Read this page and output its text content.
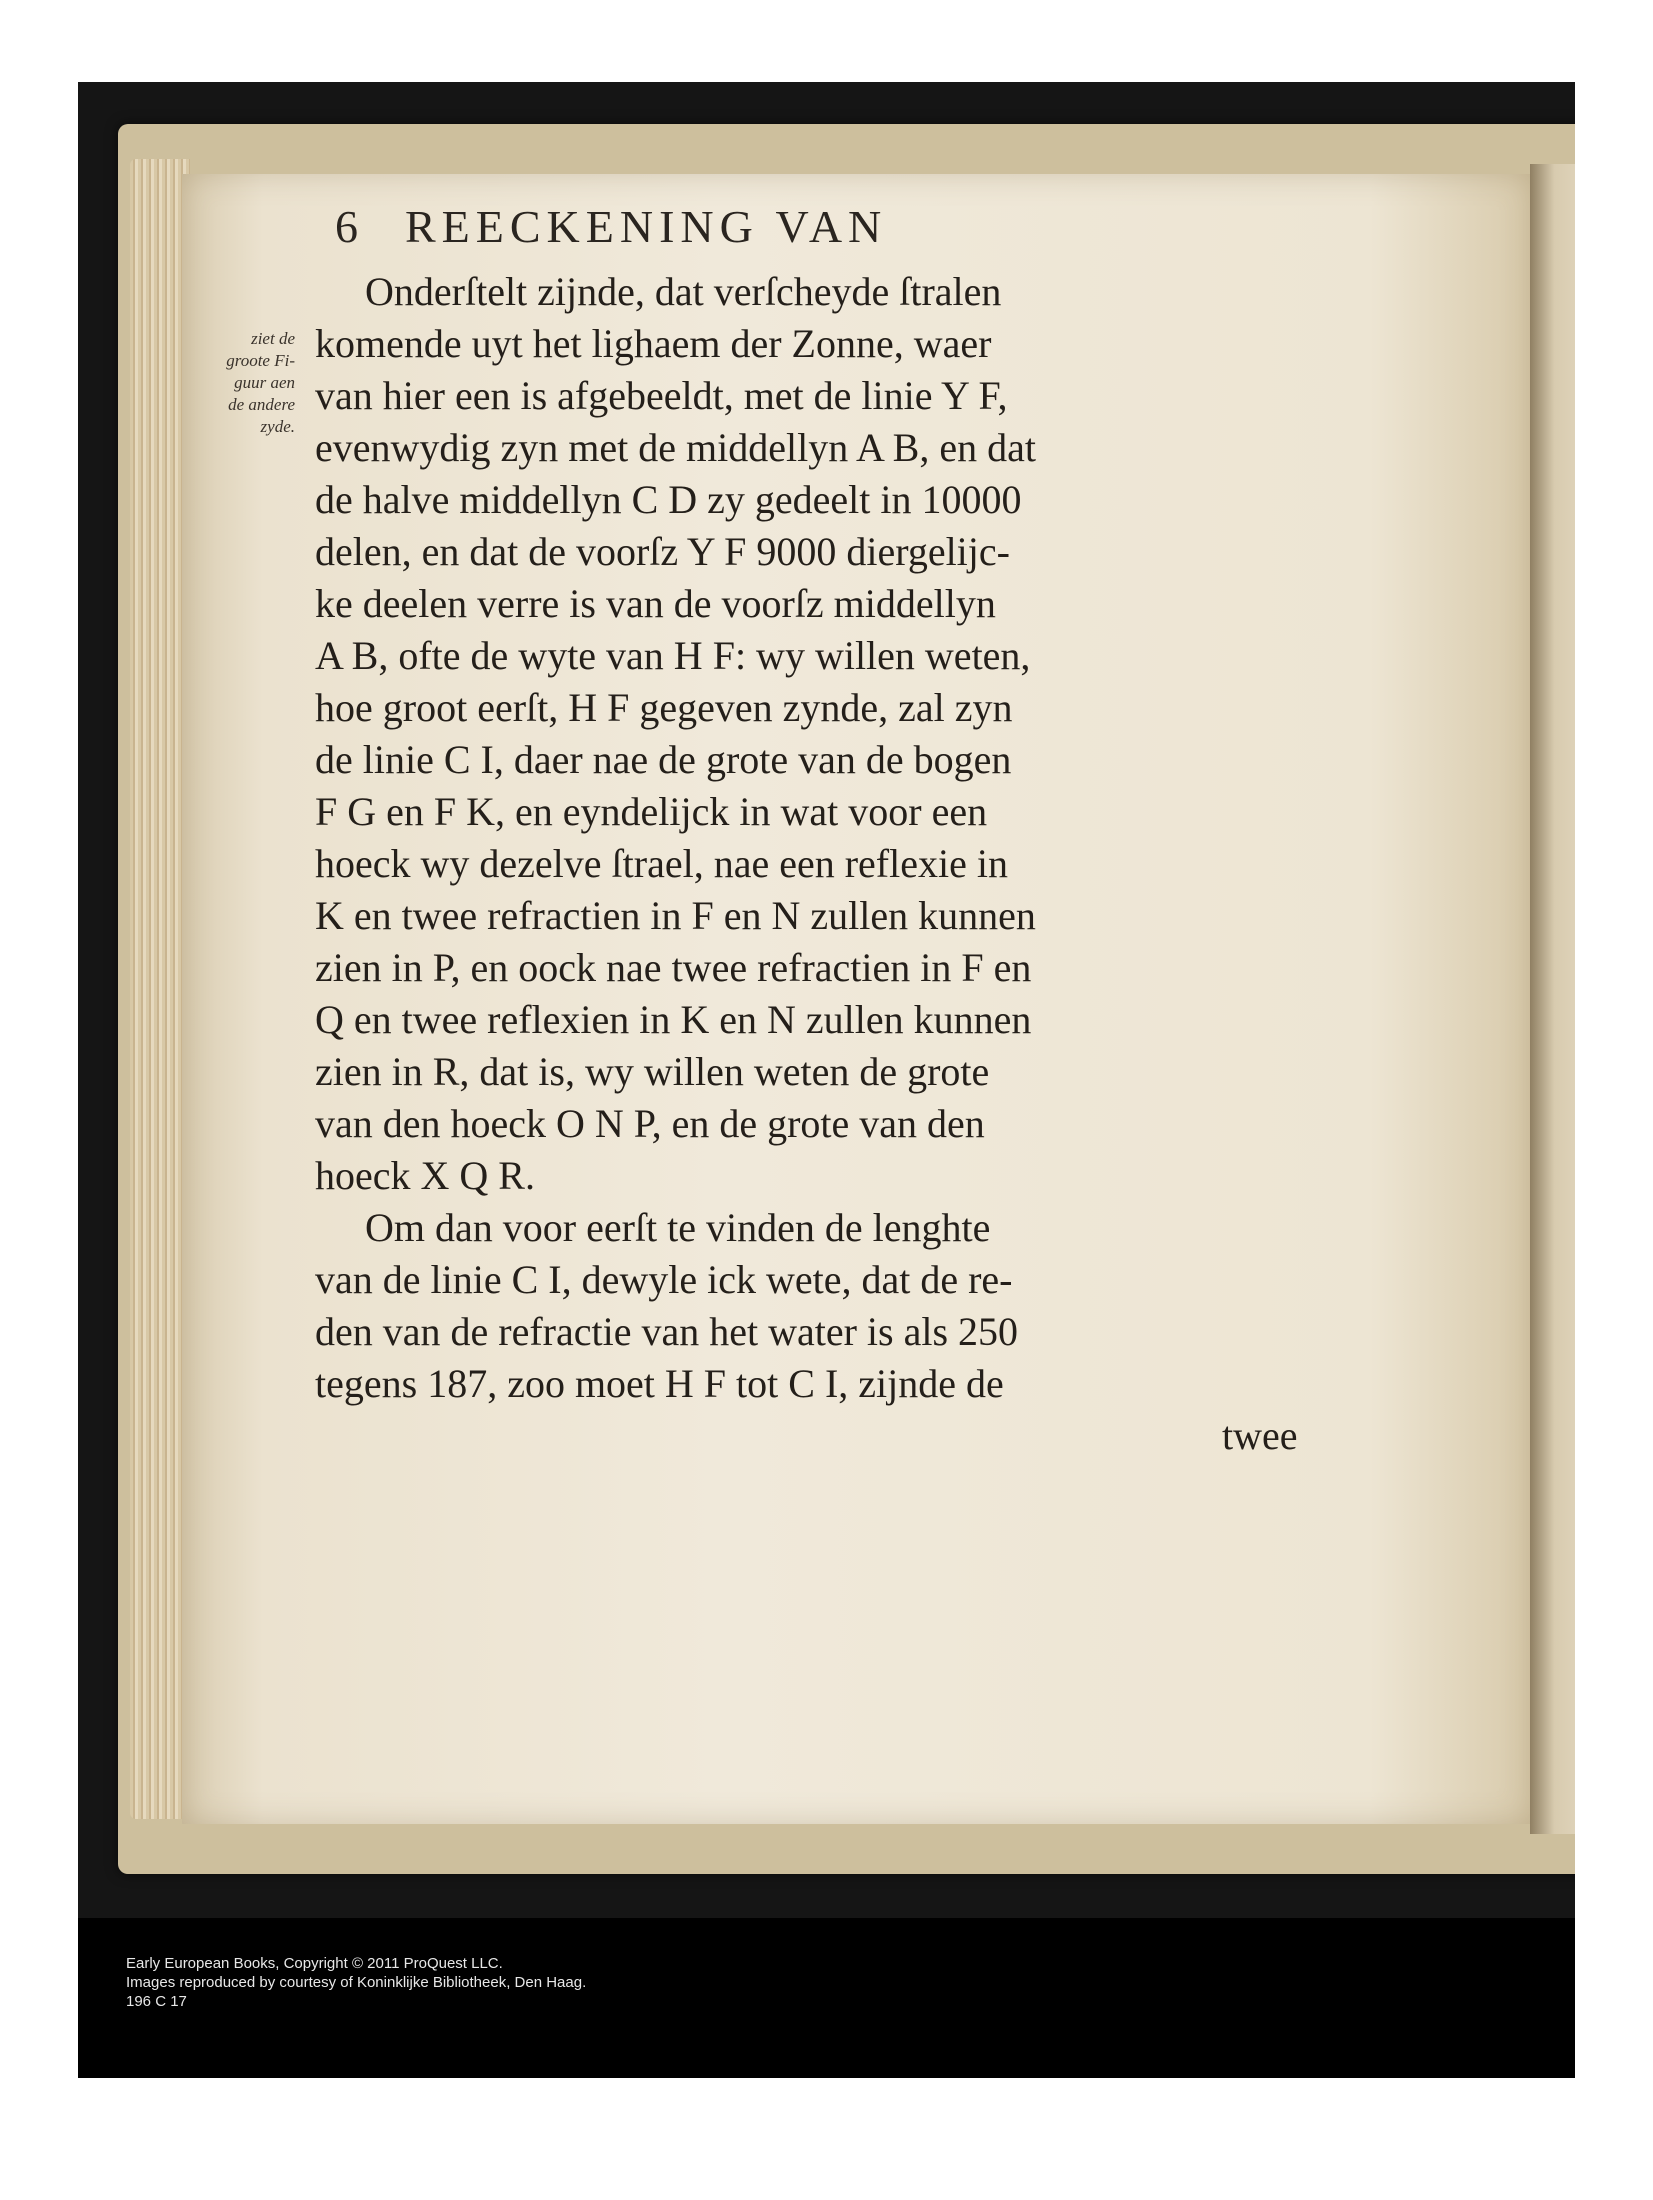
6 REECKENING VAN
ziet de
groote Fi-
guur aen
de andere
zyde.
Onderſtelt zijnde, dat verſcheyde ſtralen
komende uyt het lighaem der Zonne, waer
van hier een is afgebeeldt, met de linie Y F,
evenwydig zyn met de middellyn A B, en dat
de halve middellyn C D zy gedeelt in 10000
delen, en dat de voorſz Y F 9000 diergelijc-
ke deelen verre is van de voorſz middellyn
A B, ofte de wyte van H F: wy willen weten,
hoe groot eerſt, H F gegeven zynde, zal zyn
de linie C I, daer nae de grote van de bogen
F G en F K, en eyndelijck in wat voor een
hoeck wy dezelve ſtrael, nae een reflexie in
K en twee refractien in F en N zullen kunnen
zien in P, en oock nae twee refractien in F en
Q en twee reflexien in K en N zullen kunnen
zien in R, dat is, wy willen weten de grote
van den hoeck O N P, en de grote van den
hoeck X Q R.
Om dan voor eerſt te vinden de lenghte
van de linie C I, dewyle ick wete, dat de re-
den van de refractie van het water is als 250
tegens 187, zoo moet H F tot C I, zijnde de
twee
Early European Books, Copyright © 2011 ProQuest LLC.
Images reproduced by courtesy of Koninklijke Bibliotheek, Den Haag.
196 C 17
